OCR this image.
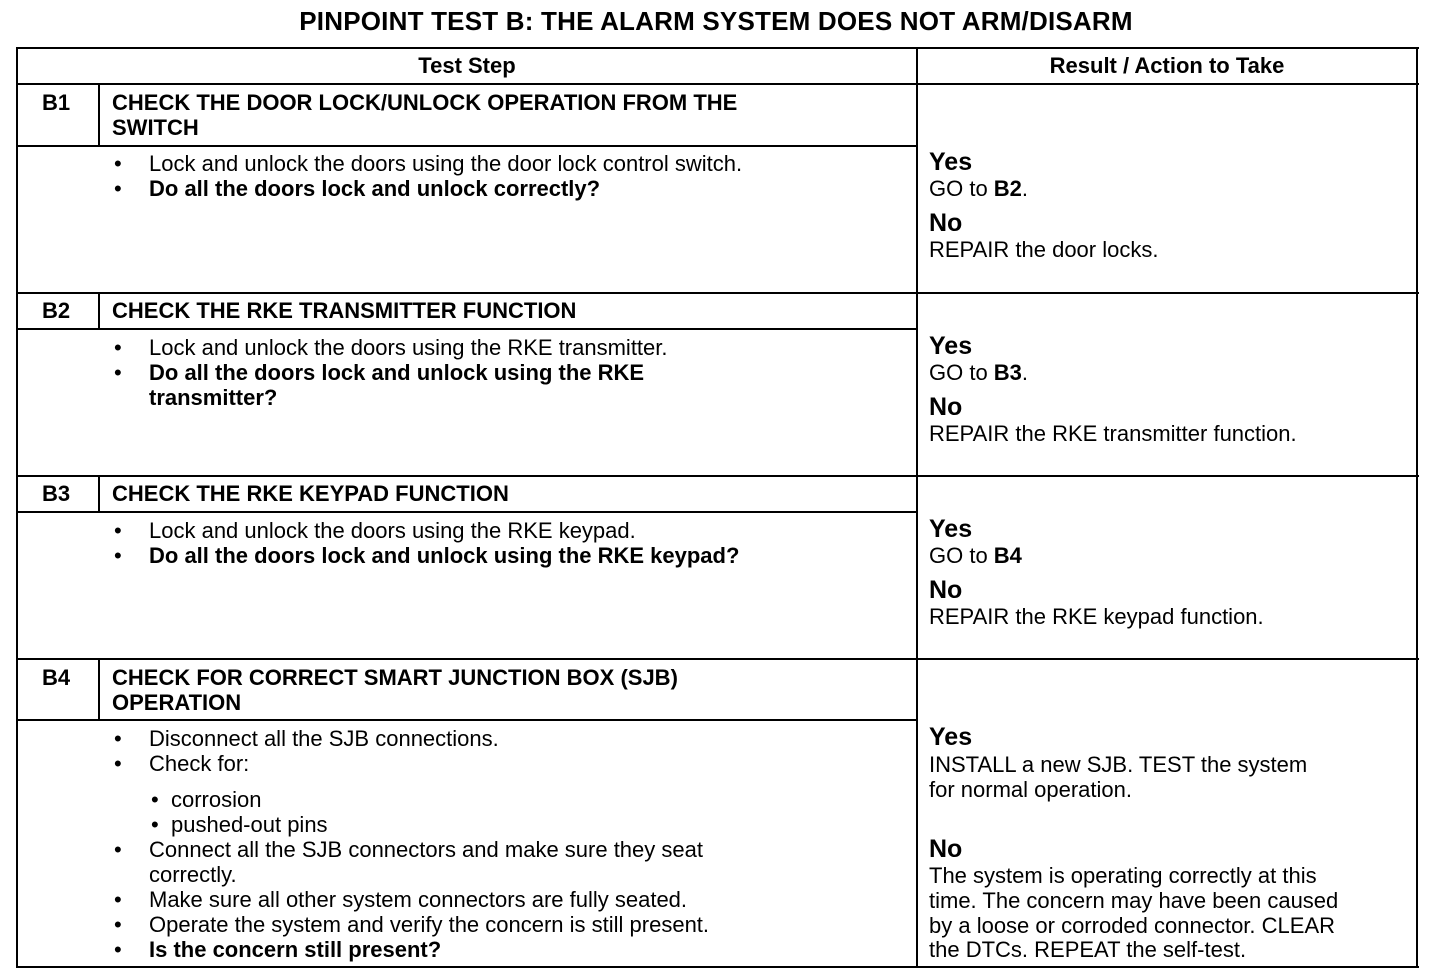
PINPOINT TEST B: THE ALARM SYSTEM DOES NOT ARM/DISARM
Test Step	Result / Action to Take
B1 CHECK THE DOOR LOCK/UNLOCK OPERATION FROM THE
SWITCH
• Lock and unlock the doors using the door lock control switch.
• Do all the doors lock and unlock correctly?
Yes
GO to B2.
No
REPAIR the door locks.
B2 CHECK THE RKE TRANSMITTER FUNCTION
• Lock and unlock the doors using the RKE transmitter.
• Do all the doors lock and unlock using the RKE
transmitter?
Yes
GO to B3.
No
REPAIR the RKE transmitter function.
B3 CHECK THE RKE KEYPAD FUNCTION
• Lock and unlock the doors using the RKE keypad.
• Do all the doors lock and unlock using the RKE keypad?
Yes
GO to B4
No
REPAIR the RKE keypad function.
B4 CHECK FOR CORRECT SMART JUNCTION BOX (SJB)
OPERATION
• Disconnect all the SJB connections.
• Check for:
• corrosion
• pushed-out pins
• Connect all the SJB connectors and make sure they seat
correctly.
• Make sure all other system connectors are fully seated.
• Operate the system and verify the concern is still present.
• Is the concern still present?
Yes
INSTALL a new SJB. TEST the system
for normal operation.
No
The system is operating correctly at this
time. The concern may have been caused
by a loose or corroded connector. CLEAR
the DTCs. REPEAT the self-test.
